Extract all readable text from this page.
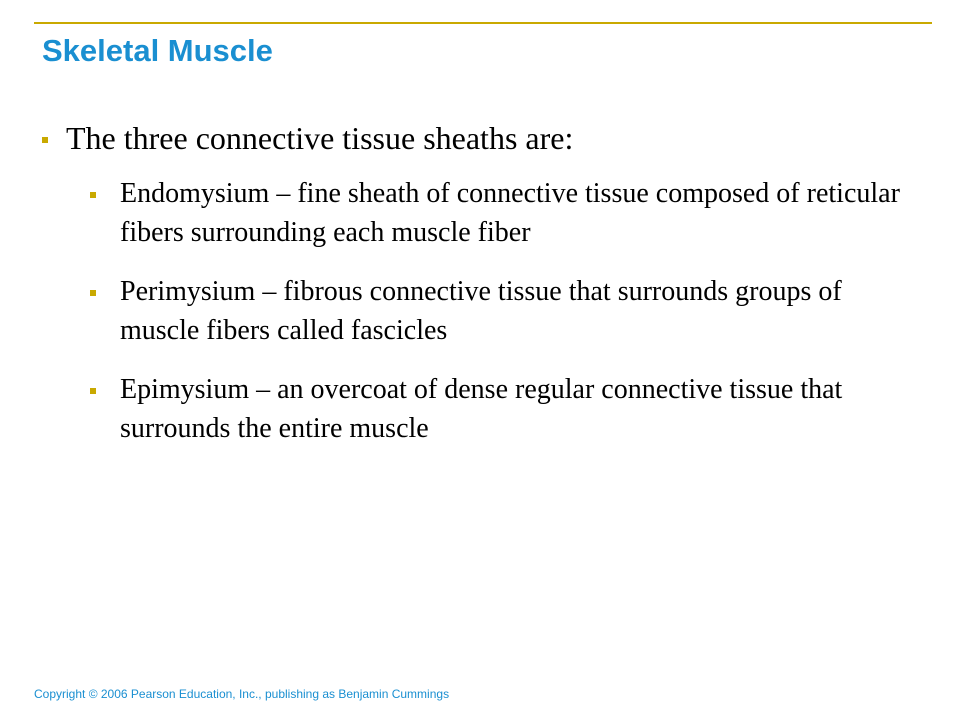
Skeletal Muscle

The three connective tissue sheaths are:

Endomysium – fine sheath of connective tissue composed of reticular fibers surrounding each muscle fiber
Perimysium – fibrous connective tissue that surrounds groups of muscle fibers called fascicles
Epimysium – an overcoat of dense regular connective tissue that surrounds the entire muscle
Copyright © 2006 Pearson Education, Inc., publishing as Benjamin Cummings
